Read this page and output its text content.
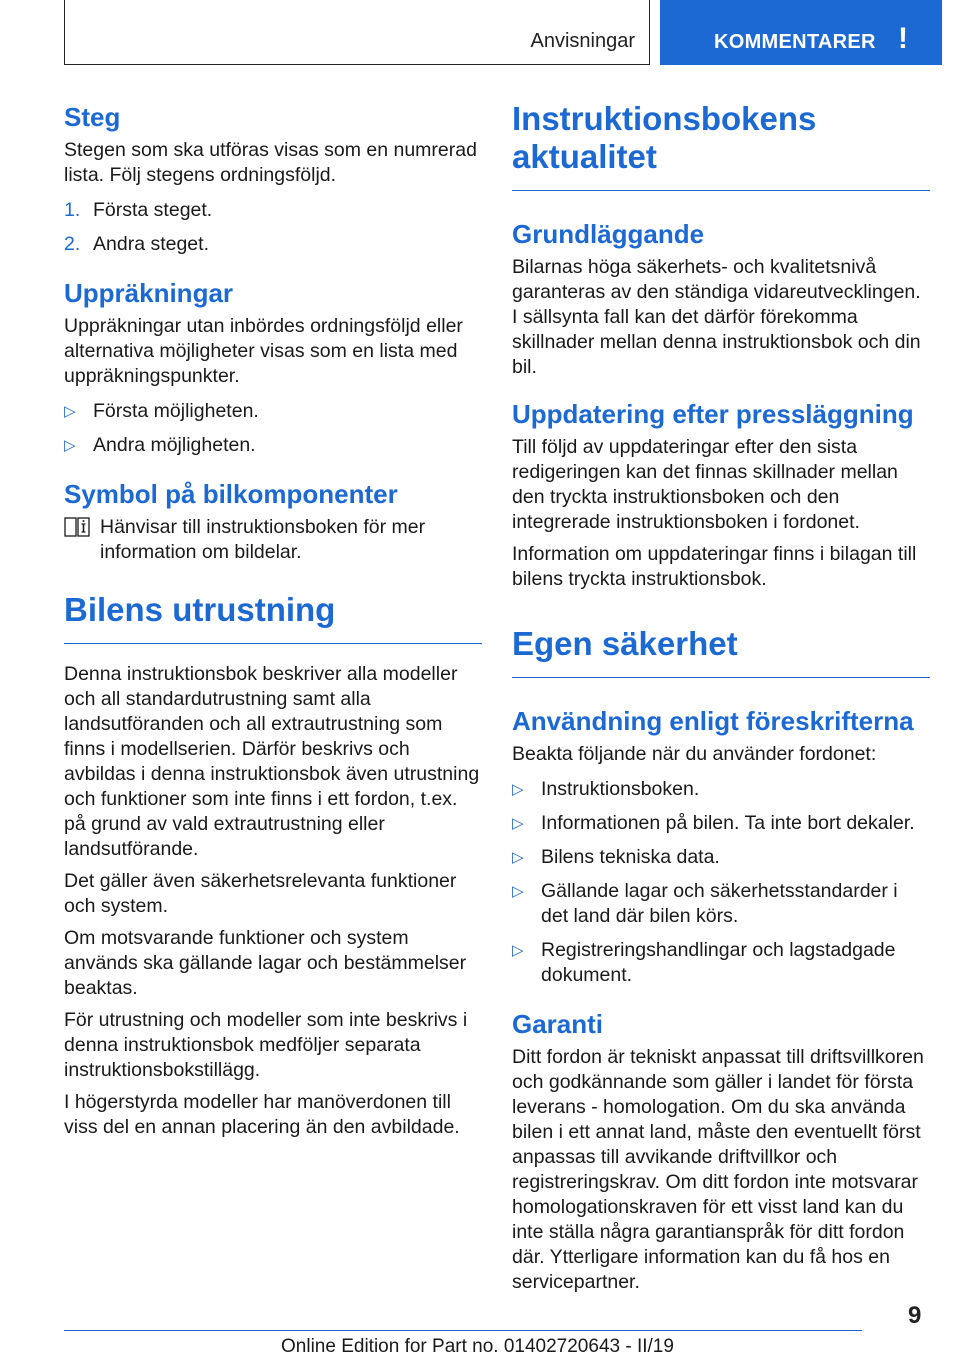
Anvisningar	KOMMENTARER !
Steg

Stegen som ska utföras visas som en numrerad lista. Följ stegens ordningsföljd.

1. Första steget.
2. Andra steget.
Uppräkningar

Uppräkningar utan inbördes ordningsföljd eller alternativa möjligheter visas som en lista med uppräkningspunkter.

▷ Första möjligheten.
▷ Andra möjligheten.
Symbol på bilkomponenter
Hänvisar till instruktionsboken för mer information om bildelar.
Bilens utrustning

Denna instruktionsbok beskriver alla modeller och all standardutrustning samt alla landsutföranden och all extrautrustning som finns i modellserien. Därför beskrivs och avbildas i denna instruktionsbok även utrustning och funktioner som inte finns i ett fordon, t.ex. på grund av vald extrautrustning eller landsutförande.

Det gäller även säkerhetsrelevanta funktioner och system.

Om motsvarande funktioner och system används ska gällande lagar och bestämmelser beaktas.

För utrustning och modeller som inte beskrivs i denna instruktionsbok medföljer separata instruktionsbokstillägg.

I högerstyrda modeller har manöverdonen till viss del en annan placering än den avbildade.

Instruktionsbokens aktualitet
Grundläggande

Bilarnas höga säkerhets- och kvalitetsnivå garanteras av den ständiga vidareutvecklingen. I sällsynta fall kan det därför förekomma skillnader mellan denna instruktionsbok och din bil.

Uppdatering efter pressläggning

Till följd av uppdateringar efter den sista redigeringen kan det finnas skillnader mellan den tryckta instruktionsboken och den integrerade instruktionsboken i fordonet.

Information om uppdateringar finns i bilagan till bilens tryckta instruktionsbok.

Egen säkerhet
Användning enligt föreskrifterna

Beakta följande när du använder fordonet:

▷ Instruktionsboken.
▷ Informationen på bilen. Ta inte bort dekaler.
▷ Bilens tekniska data.
▷ Gällande lagar och säkerhetsstandarder i det land där bilen körs.
▷ Registreringshandlingar och lagstadgade dokument.
Garanti

Ditt fordon är tekniskt anpassat till driftsvillkoren och godkännande som gäller i landet för första leverans - homologation. Om du ska använda bilen i ett annat land, måste den eventuellt först anpassas till avvikande driftvillkor och registreringskrav. Om ditt fordon inte motsvarar homologationskraven för ett visst land kan du inte ställa några garantianspråk för ditt fordon där. Ytterligare information kan du få hos en servicepartner.

9
Online Edition for Part no. 01402720643 - II/19
